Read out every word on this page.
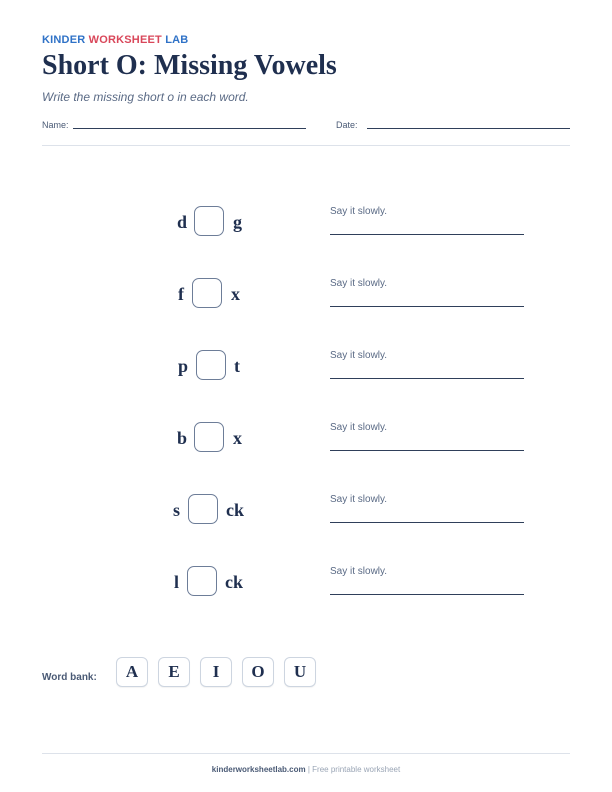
KINDER WORKSHEET LAB
Short O: Missing Vowels
Write the missing short o in each word.
Name:	Date:
d	g
Say it slowly.
f	x
Say it slowly.
p	t
Say it slowly.
b	x
Say it slowly.
s	ck
Say it slowly.
l	ck
Say it slowly.
Word bank:	A	E	I	O	U
kinderworksheetlab.com | Free printable worksheet
